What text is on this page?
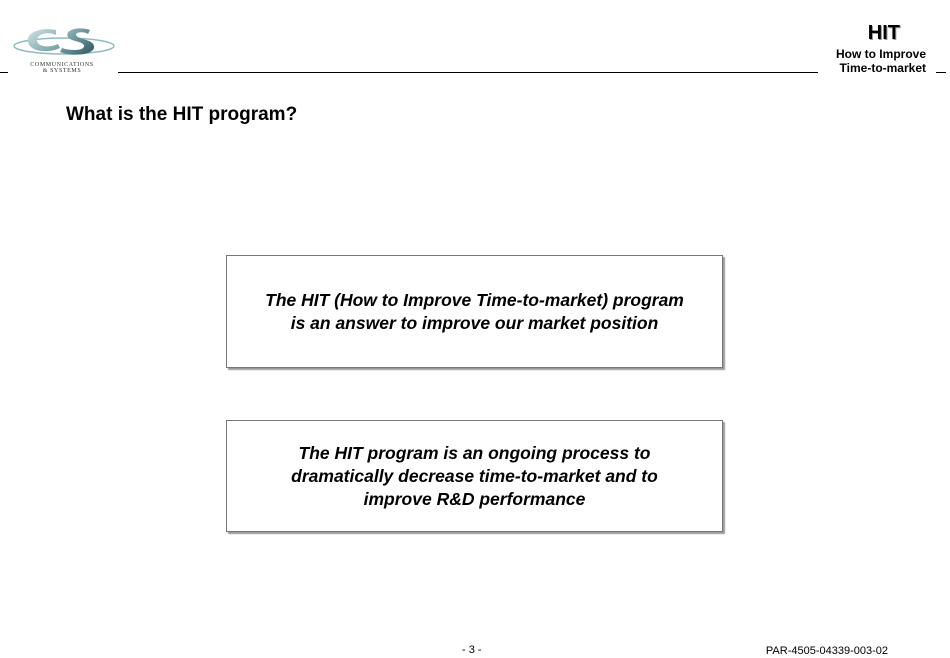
COMMUNICATIONS
& SYSTEMS
HIT
How to Improve
Time-to-market
What is the HIT program?
The HIT (How to Improve Time-to-market) program
is an answer to improve our market position
The HIT program is an ongoing process to
dramatically decrease time-to-market and to
improve R&D performance
- 3 -	PAR-4505-04339-003-02
